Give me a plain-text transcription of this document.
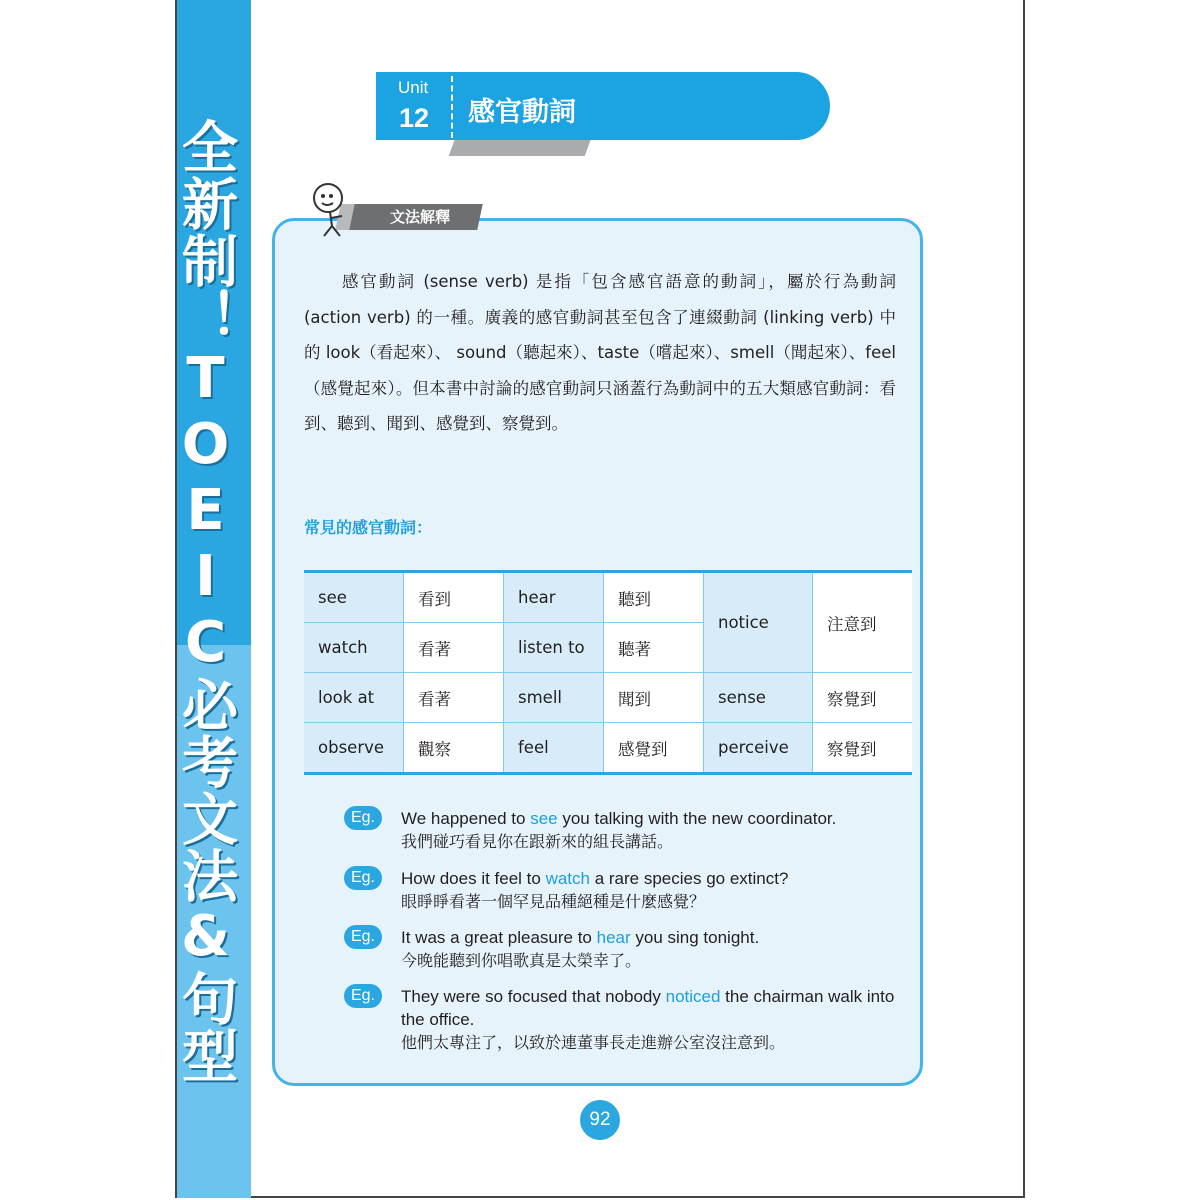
全新制！TOEIC必考文法&句型
Unit
12 感官動詞
文法解釋
感官動詞 (sense verb) 是指「包含感官語意的動詞」，屬於行為動詞 (action verb) 的一種。廣義的感官動詞甚至包含了連綴動詞 (linking verb) 中的 look（看起來）、 sound（聽起來）、taste（嚐起來）、smell（聞起來）、feel（感覺起來）。但本書中討論的感官動詞只涵蓋行為動詞中的五大類感官動詞：看到、聽到、聞到、感覺到、察覺到。
常見的感官動詞：
see	看到	hear	聽到	notice	注意到
watch	看著	listen to	聽著		
look at	看著	smell	聞到	sense	察覺到
observe	觀察	feel	感覺到	perceive	察覺到
Eg.	We happened to see you talking with the new coordinator.
我們碰巧看見你在跟新來的組長講話。
Eg.	How does it feel to watch a rare species go extinct?
眼睜睜看著一個罕見品種絕種是什麼感覺？
Eg.	It was a great pleasure to hear you sing tonight.
今晚能聽到你唱歌真是太榮幸了。
Eg.	They were so focused that nobody noticed the chairman walk into the office.
他們太專注了，以致於連董事長走進辦公室沒注意到。
92
